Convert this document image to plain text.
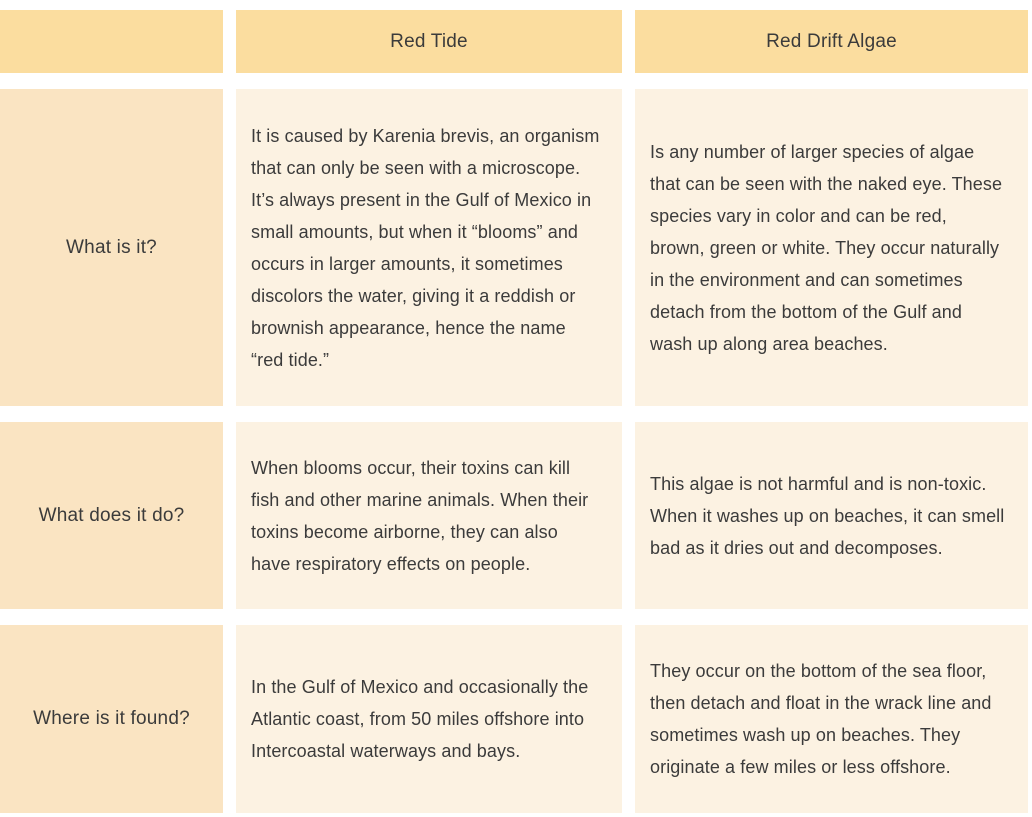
Red Tide	Red Drift Algae
What is it?
It is caused by Karenia brevis, an organism that can only be seen with a microscope. It’s always present in the Gulf of Mexico in small amounts, but when it “blooms” and occurs in larger amounts, it sometimes discolors the water, giving it a reddish or brownish appearance, hence the name “red tide.”
Is any number of larger species of algae that can be seen with the naked eye. These species vary in color and can be red, brown, green or white. They occur naturally in the environment and can sometimes detach from the bottom of the Gulf and wash up along area beaches.
What does it do?
When blooms occur, their toxins can kill fish and other marine animals. When their toxins become airborne, they can also have respiratory effects on people.
This algae is not harmful and is non-toxic. When it washes up on beaches, it can smell bad as it dries out and decomposes.
Where is it found?
In the Gulf of Mexico and occasionally the Atlantic coast, from 50 miles offshore into Intercoastal waterways and bays.
They occur on the bottom of the sea floor, then detach and float in the wrack line and sometimes wash up on beaches. They originate a few miles or less offshore.
